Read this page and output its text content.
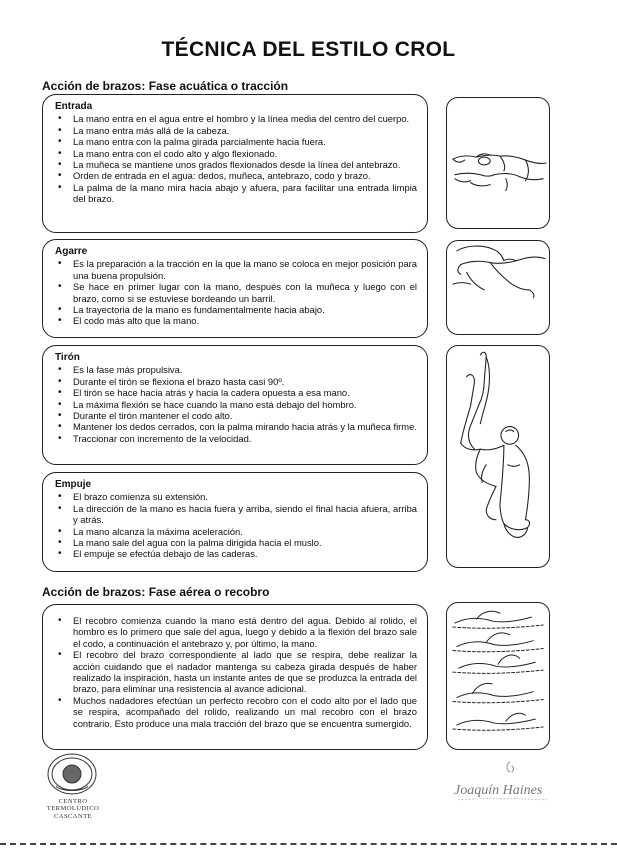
TÉCNICA DEL ESTILO CROL
Acción de brazos: Fase acuática o tracción
Entrada
• La mano entra en el agua entre el hombro y la línea media del centro del cuerpo.
• La mano entra más allá de la cabeza.
• La mano entra con la palma girada parcialmente hacia fuera.
• La mano entra con el codo alto y algo flexionado.
• La muñeca se mantiene unos grados flexionados desde la línea del antebrazo.
• Orden de entrada en el agua: dedos, muñeca, antebrazo, codo y brazo.
• La palma de la mano mira hacia abajo y afuera, para facilitar una entrada limpia del brazo.
Agarre
• Es la preparación a la tracción en la que la mano se coloca en mejor posición para una buena propulsión.
• Se hace en primer lugar con la mano, después con la muñeca y luego con el brazo, como si se estuviese bordeando un barril.
• La trayectoria de la mano es fundamentalmente hacia abajo.
• El codo más alto que la mano.
Tirón
• Es la fase más propulsiva.
• Durante el tirón se flexiona el brazo hasta casi 90º.
• El tirón se hace hacia atrás y hacia la cadera opuesta a esa mano.
• La máxima flexión se hace cuando la mano está debajo del hombro.
• Durante el tirón mantener el codo alto.
• Mantener los dedos cerrados, con la palma mirando hacia atrás y la muñeca firme.
• Traccionar con incremento de la velocidad.
Empuje
• El brazo comienza su extensión.
• La dirección de la mano es hacia fuera y arriba, siendo el final hacia afuera, arriba y atrás.
• La mano alcanza la máxima aceleración.
• La mano sale del agua con la palma dirigida hacia el muslo.
• El empuje se efectúa debajo de las caderas.
Acción de brazos: Fase aérea o recobro
• El recobro comienza cuando la mano está dentro del agua. Debido al rolido, el hombro es lo primero que sale del agua, luego y debido a la flexión del brazo sale el codo, a continuación el antebrazo y, por último, la mano.
• El recobro del brazo correspondiente al lado que se respira, debe realizar la acción cuidando que el nadador mantenga su cabeza girada después de haber realizado la inspiración, hasta un instante antes de que se produzca la entrada del brazo, para eliminar una resistencia al avance adicional.
• Muchos nadadores efectúan un perfecto recobro con el codo alto por el lado que se respira, acompañado del rolido, realizando un mal recobro con el brazo contrario. Esto produce una mala tracción del brazo que se encuentra sumergido.
CENTRO
TERMOLÚDICO
CASCANTE
Joaquín Haines
